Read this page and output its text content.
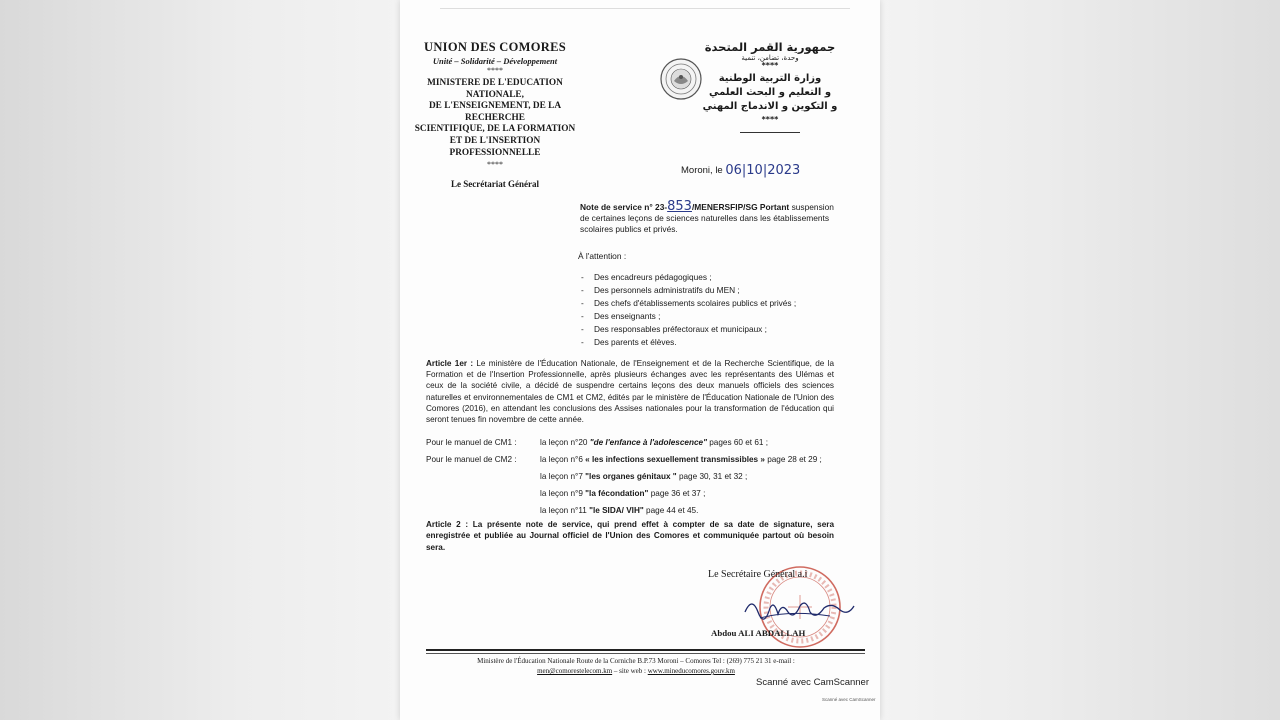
UNION DES COMORES
Unité – Solidarité – Développement
****
MINISTERE DE L'EDUCATION NATIONALE,
DE L'ENSEIGNEMENT, DE LA RECHERCHE
SCIENTIFIQUE, DE LA FORMATION
ET DE L'INSERTION PROFESSIONNELLE
****
Le Secrétariat Général
جمهورية القمر المتحدة
وحدة، تضامن، تنمية
****
وزارة التربية الوطنية
و التعليم و البحث العلمي
و التكوين و الاندماج المهني
****
Moroni, le 06|10|2023
Note de service n° 23-853/MENERSFIP/SG Portant suspension de certaines leçons de sciences naturelles dans les établissements scolaires publics et privés.
À l'attention :
- Des encadreurs pédagogiques ;
- Des personnels administratifs du MEN ;
- Des chefs d'établissements scolaires publics et privés ;
- Des enseignants ;
- Des responsables préfectoraux et municipaux ;
- Des parents et élèves.
Article 1er : Le ministère de l'Éducation Nationale, de l'Enseignement et de la Recherche Scientifique, de la Formation et de l'Insertion Professionnelle, après plusieurs échanges avec les représentants des Ulémas et ceux de la société civile, a décidé de suspendre certains leçons des deux manuels officiels des sciences naturelles et environnementales de CM1 et CM2, édités par le ministère de l'Éducation Nationale de l'Union des Comores (2016), en attendant les conclusions des Assises nationales pour la transformation de l'éducation qui seront tenues fin novembre de cette année.
Pour le manuel de CM1 :	la leçon n°20 "de l'enfance à l'adolescence" pages 60 et 61 ;
Pour le manuel de CM2 :	la leçon n°6 « les infections sexuellement transmissibles » page 28 et 29 ;
la leçon n°7 "les organes génitaux " page 30, 31 et 32 ;
la leçon n°9 "la fécondation" page 36 et 37 ;
la leçon n°11 "le SIDA/ VIH" page 44 et 45.
Article 2 : La présente note de service, qui prend effet à compter de sa date de signature, sera enregistrée et publiée au Journal officiel de l'Union des Comores et communiquée partout où besoin sera.
Le Secrétaire Général a.i
Abdou ALI ABDALLAH
Ministère de l'Éducation Nationale Route de la Corniche B.P.73 Moroni – Comores Tel : (269) 775 21 31 e-mail :
men@comorestelecom.km – site web : www.mineducomores.gouv.km
Scanné avec CamScanner
Scanné avec CamScanner
